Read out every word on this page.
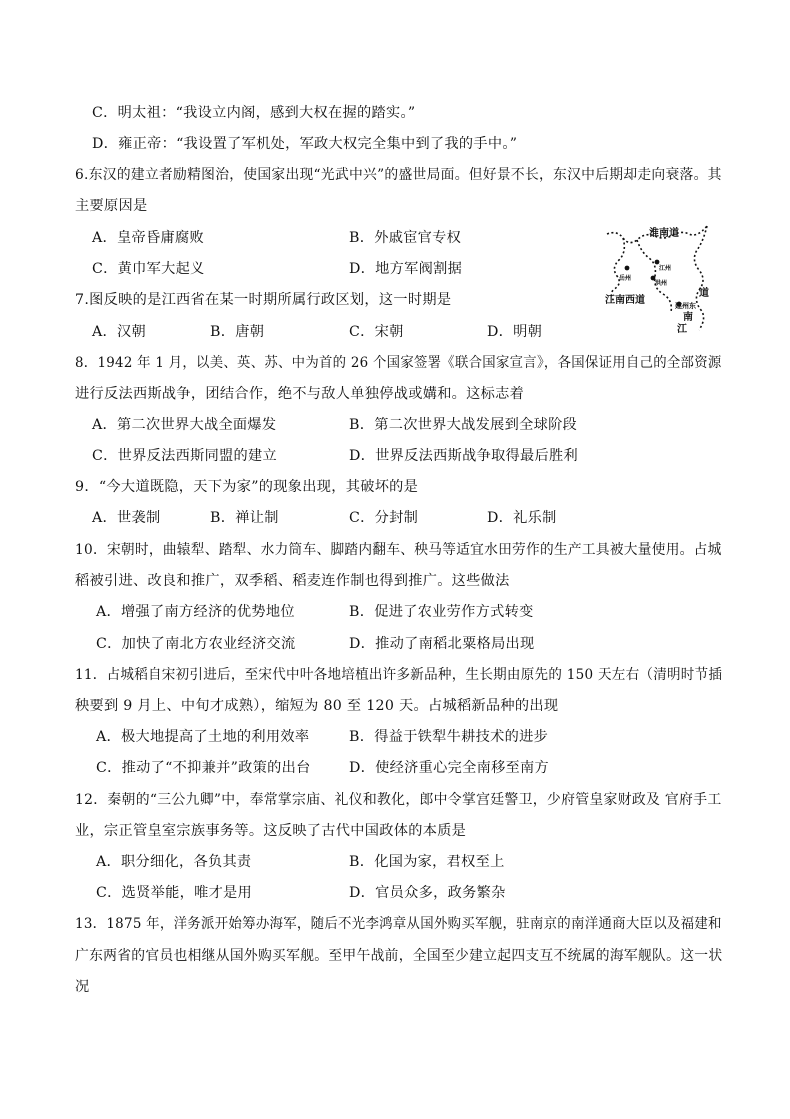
C．明太祖：“我设立内阁，感到大权在握的踏实。”
D．雍正帝：“我设置了军机处，军政大权完全集中到了我的手中。”
6.东汉的建立者励精图治，使国家出现“光武中兴”的盛世局面。但好景不长，东汉中后期却走向衰落。其
主要原因是
A．皇帝昏庸腐败	B．外戚宦官专权
C．黄巾军大起义	D．地方军阀割据
淮南道
岳州
江州
洪州
江南西道
道
建州东
南
江
7.图反映的是江西省在某一时期所属行政区划，这一时期是
A．汉朝	B．唐朝	C．宋朝	D．明朝
8．1942 年 1 月，以美、英、苏、中为首的 26 个国家签署《联合国家宣言》，各国保证用自己的全部资源
进行反法西斯战争，团结合作，绝不与敌人单独停战或媾和。这标志着
A．第二次世界大战全面爆发	B．第二次世界大战发展到全球阶段
C．世界反法西斯同盟的建立	D．世界反法西斯战争取得最后胜利
9．“今大道既隐，天下为家”的现象出现，其破坏的是
A．世袭制	B．禅让制	C．分封制	D．礼乐制
10．宋朝时，曲辕犁、踏犁、水力筒车、脚踏内翻车、秧马等适宜水田劳作的生产工具被大量使用。占城
稻被引进、改良和推广，双季稻、稻麦连作制也得到推广。这些做法
A．增强了南方经济的优势地位	B．促进了农业劳作方式转变
C．加快了南北方农业经济交流	D．推动了南稻北粟格局出现
11．占城稻自宋初引进后，至宋代中叶各地培植出许多新品种，生长期由原先的 150 天左右（清明时节插
秧要到 9 月上、中旬才成熟），缩短为 80 至 120 天。占城稻新品种的出现
A．极大地提高了土地的利用效率	B．得益于铁犁牛耕技术的进步
C．推动了“不抑兼并”政策的出台	D．使经济重心完全南移至南方
12．秦朝的“三公九卿”中，奉常掌宗庙、礼仪和教化，郎中令掌宫廷警卫，少府管皇家财政及 官府手工
业，宗正管皇室宗族事务等。这反映了古代中国政体的本质是
A．职分细化，各负其责	B．化国为家，君权至上
C．选贤举能，唯才是用	D．官员众多，政务繁杂
13．1875 年，洋务派开始筹办海军，随后不光李鸿章从国外购买军舰，驻南京的南洋通商大臣以及福建和
广东两省的官员也相继从国外购买军舰。至甲午战前，全国至少建立起四支互不统属的海军舰队。这一状
况
